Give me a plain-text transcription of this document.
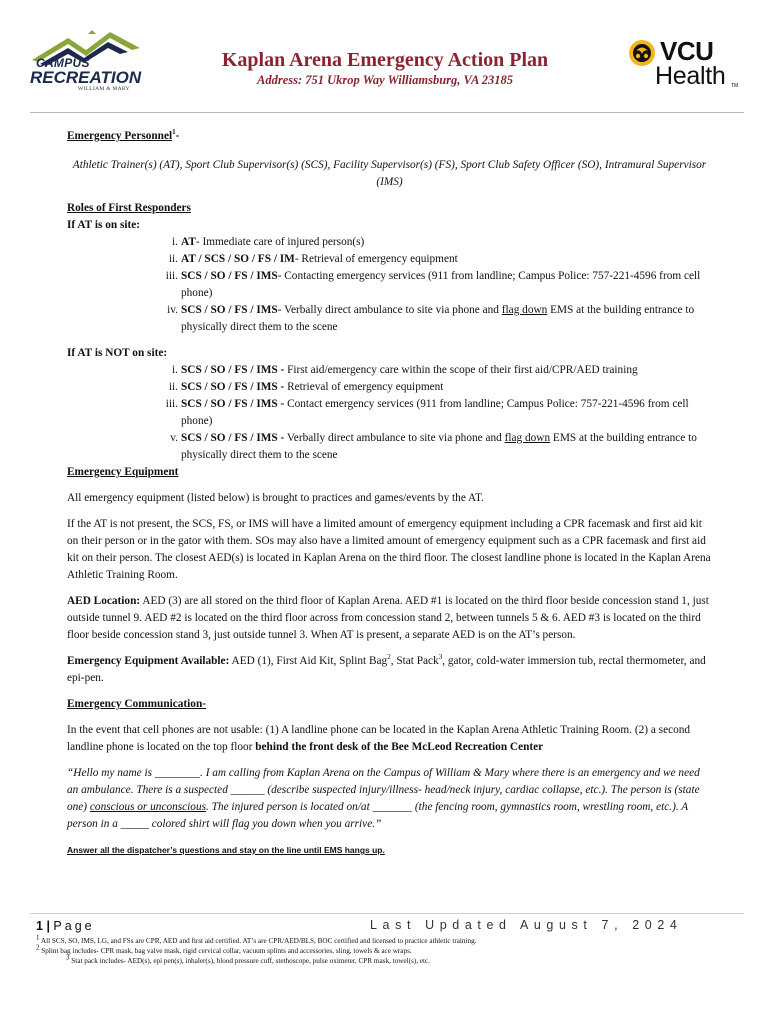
CAMPUS
RECREATION
WILLIAM & MARY
Kaplan Arena Emergency Action Plan
Address: 751 Ukrop Way Williamsburg, VA 23185
VCU
Health TM

Emergency Personnel$^1$-

Athletic Trainer(s) (AT), Sport Club Supervisor(s) (SCS), Facility Supervisor(s) (FS), Sport Club Safety Officer (SO), Intramural Supervisor (IMS)

Roles of First Responders

If AT is on site:

i. AT- Immediate care of injured person(s)
ii. AT / SCS / SO / FS / IM- Retrieval of emergency equipment
iii. SCS / SO / FS / IMS- Contacting emergency services (911 from landline; Campus Police: 757-221-4596 from cell phone)
iv. SCS / SO / FS / IMS- Verbally direct ambulance to site via phone and flag down EMS at the building entrance to physically direct them to the scene

If AT is NOT on site:

i. SCS / SO / FS / IMS - First aid/emergency care within the scope of their first aid/CPR/AED training
ii. SCS / SO / FS / IMS - Retrieval of emergency equipment
iii. SCS / SO / FS / IMS - Contact emergency services (911 from landline; Campus Police: 757-221-4596 from cell phone)
v. SCS / SO / FS / IMS - Verbally direct ambulance to site via phone and flag down EMS at the building entrance to physically direct them to the scene

Emergency Equipment

All emergency equipment (listed below) is brought to practices and games/events by the AT.

If the AT is not present, the SCS, FS, or IMS will have a limited amount of emergency equipment including a CPR facemask and first aid kit on their person or in the gator with them. SOs may also have a limited amount of emergency equipment such as a CPR facemask and first aid kit on their person. The closest AED(s) is located in Kaplan Arena on the third floor. The closest landline phone is located in the Kaplan Arena Athletic Training Room.

AED Location: AED (3) are all stored on the third floor of Kaplan Arena. AED #1 is located on the third floor beside concession stand 1, just outside tunnel 9. AED #2 is located on the third floor across from concession stand 2, between tunnels 5 & 6. AED #3 is located on the third floor beside concession stand 3, just outside tunnel 3. When AT is present, a separate AED is on the AT’s person.

Emergency Equipment Available: AED (1), First Aid Kit, Splint Bag$^2$, Stat Pack$^3$, gator, cold-water immersion tub, rectal thermometer, and epi-pen.

Emergency Communication-

In the event that cell phones are not usable: (1) A landline phone can be located in the Kaplan Arena Athletic Training Room. (2) a second landline phone is located on the top floor behind the front desk of the Bee McLeod Recreation Center

“Hello my name is ________. I am calling from Kaplan Arena on the Campus of William & Mary where there is an emergency and we need an ambulance. There is a suspected ______ (describe suspected injury/illness- head/neck injury, cardiac collapse, etc.). The person is (state one) conscious or unconscious. The injured person is located on/at _______ (the fencing room, gymnastics room, wrestling room, etc.). A person in a _____ colored shirt will flag you down when you arrive.”

Answer all the dispatcher’s questions and stay on the line until EMS hangs up.

1 | Page	Last Updated August 7, 2024

1 All SCS, SO, IMS, LG, and FSs are CPR, AED and first aid certified. AT’s are CPR/AED/BLS, BOC certified and licensed to practice athletic training.

2 Splint bag includes- CPR mask, bag valve mask, rigid cervical collar, vacuum splints and accessories, sling, towels & ace wraps.

3 Stat pack includes- AED(s), epi pen(s), inhaler(s), blood pressure cuff, stethoscope, pulse oximeter, CPR mask, towel(s), etc.
